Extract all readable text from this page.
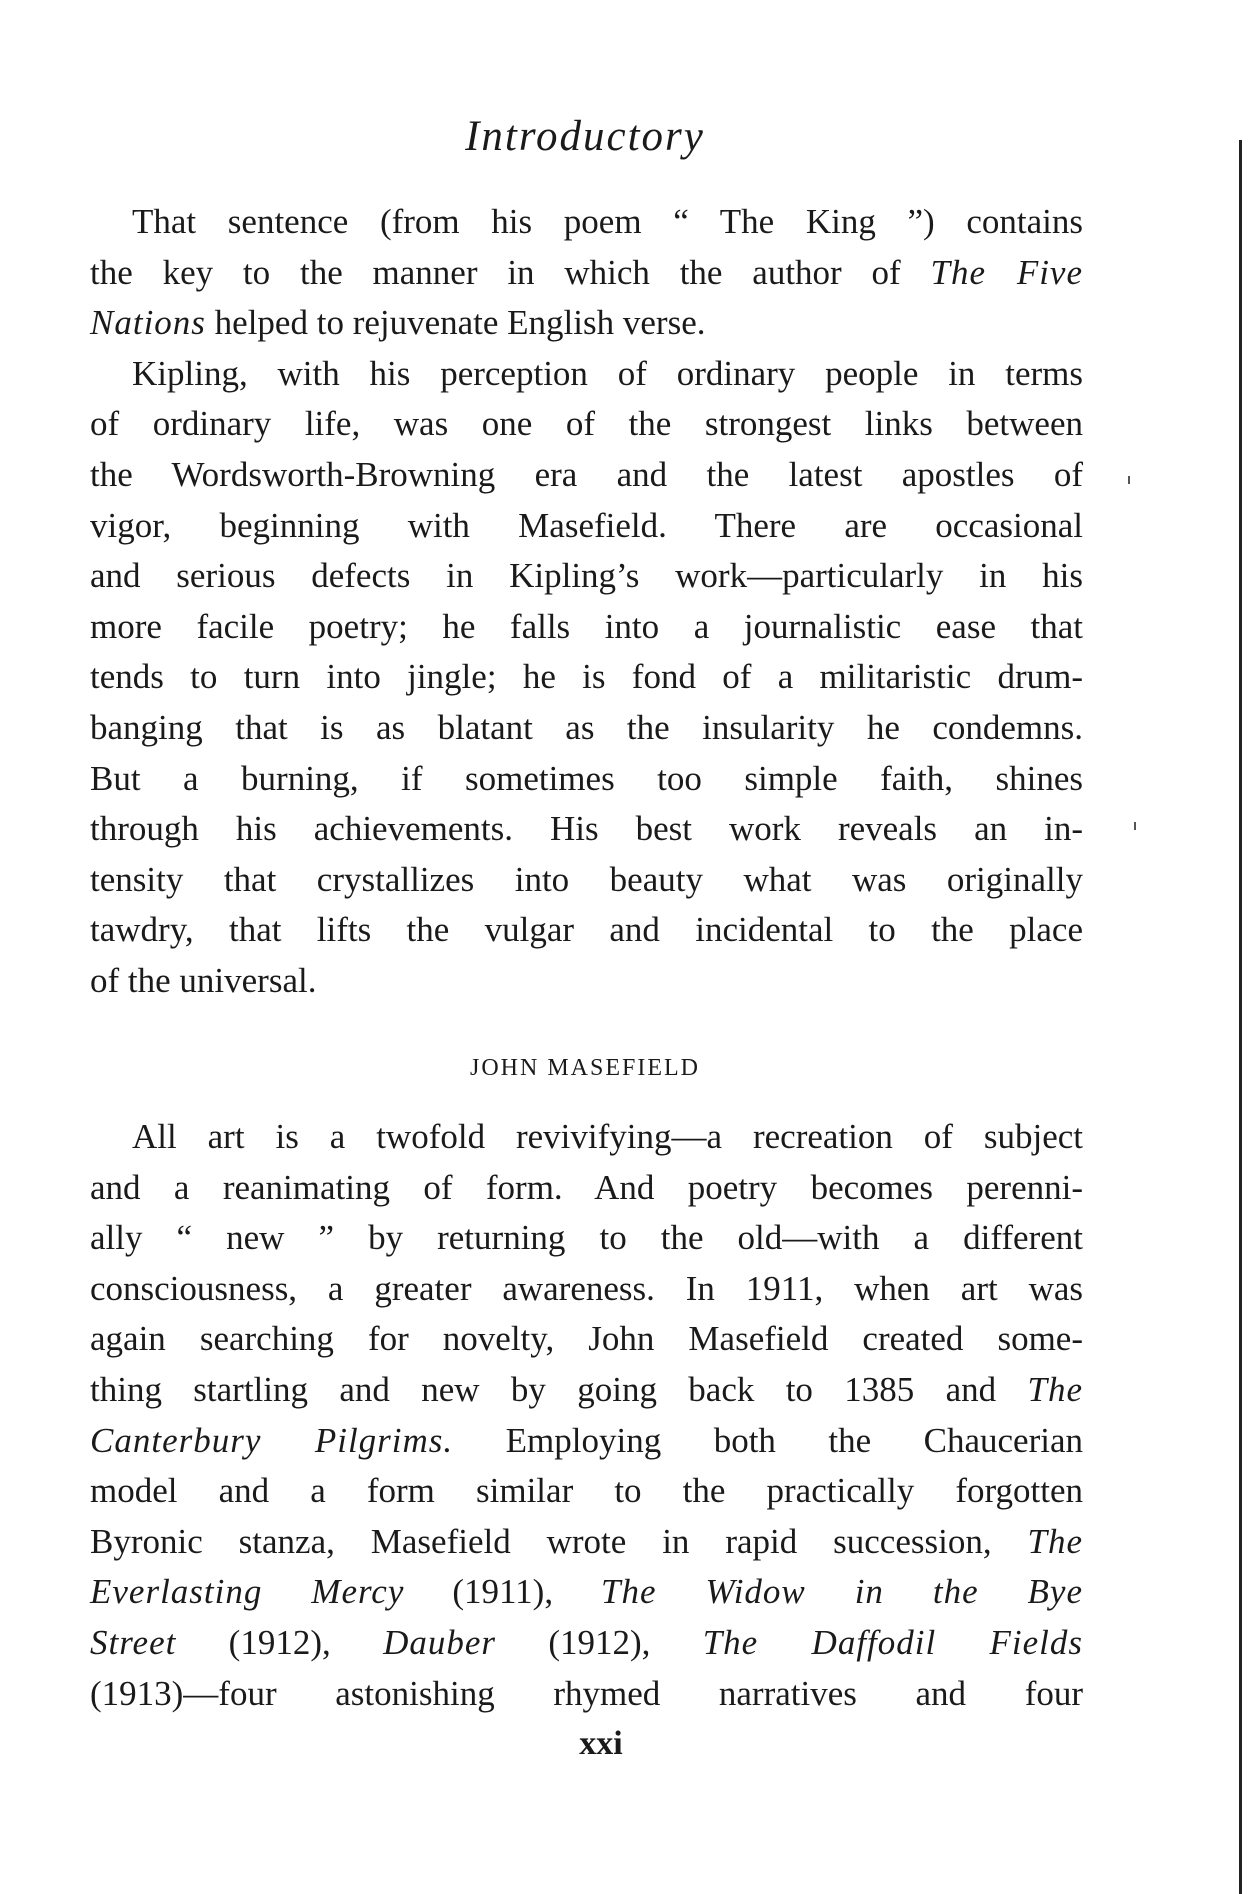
Introductory
That sentence (from his poem “ The King ”) contains
the key to the manner in which the author of The Five
Nations helped to rejuvenate English verse.
Kipling, with his perception of ordinary people in terms
of ordinary life, was one of the strongest links between
the Wordsworth-Browning era and the latest apostles of
vigor, beginning with Masefield. There are occasional
and serious defects in Kipling’s work—particularly in his
more facile poetry; he falls into a journalistic ease that
tends to turn into jingle; he is fond of a militaristic drum-
banging that is as blatant as the insularity he condemns.
But a burning, if sometimes too simple faith, shines
through his achievements. His best work reveals an in-
tensity that crystallizes into beauty what was originally
tawdry, that lifts the vulgar and incidental to the place
of the universal.
All art is a twofold revivifying—a recreation of subject
and a reanimating of form. And poetry becomes perenni-
ally “ new ” by returning to the old—with a different
consciousness, a greater awareness. In 1911, when art was
again searching for novelty, John Masefield created some-
thing startling and new by going back to 1385 and The
Canterbury Pilgrims. Employing both the Chaucerian
model and a form similar to the practically forgotten
Byronic stanza, Masefield wrote in rapid succession, The
Everlasting Mercy (1911), The Widow in the Bye
Street (1912), Dauber (1912), The Daffodil Fields
(1913)—four astonishing rhymed narratives and four
JOHN MASEFIELD
xxi
